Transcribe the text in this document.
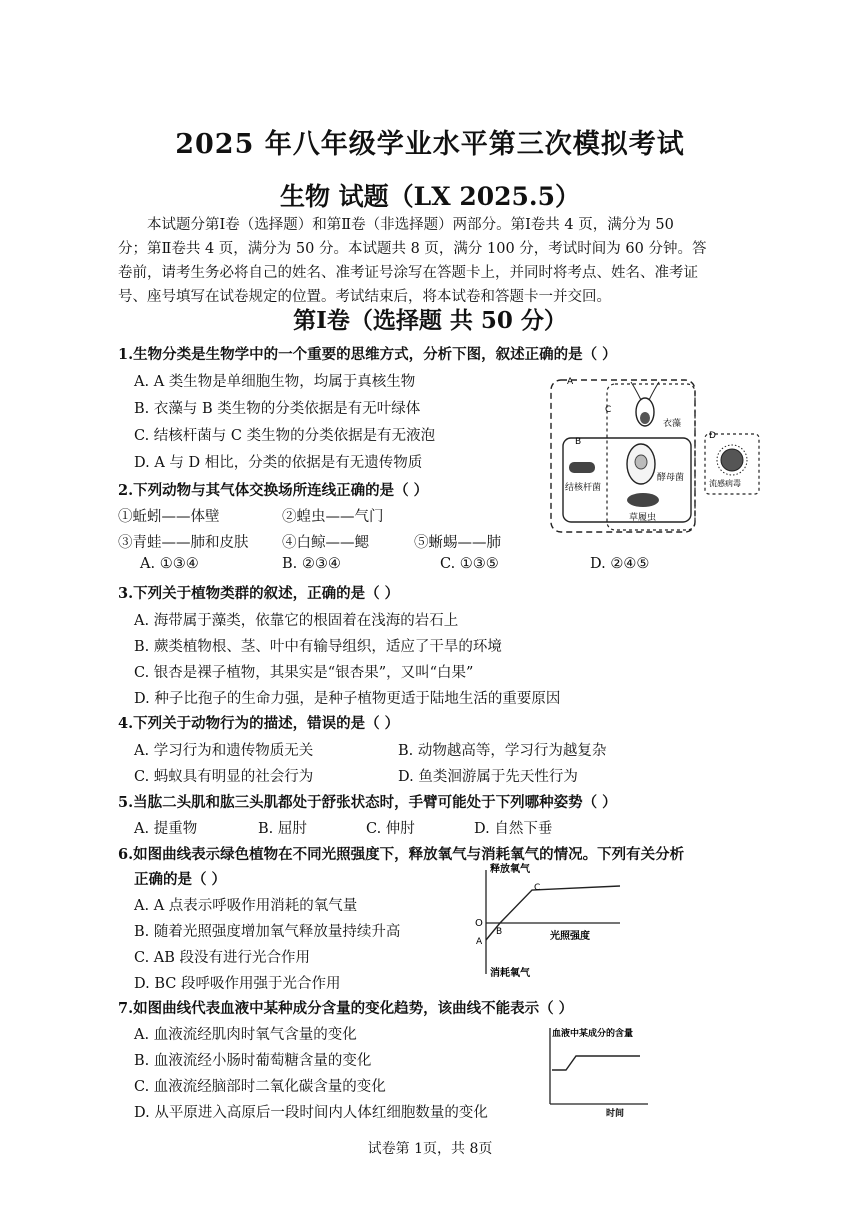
2025 年八年级学业水平第三次模拟考试
生物 试题（LX 2025.5）

本试题分第Ⅰ卷（选择题）和第Ⅱ卷（非选择题）两部分。第Ⅰ卷共 4 页，满分为 50

分；第Ⅱ卷共 4 页，满分为 50 分。本试题共 8 页，满分 100 分，考试时间为 60 分钟。答

卷前，请考生务必将自己的姓名、准考证号涂写在答题卡上，并同时将考点、姓名、准考证

号、座号填写在试卷规定的位置。考试结束后，将本试卷和答题卡一并交回。

第Ⅰ卷（选择题 共 50 分）
1.生物分类是生物学中的一个重要的思维方式，分析下图，叙述正确的是（ ）
A. A 类生物是单细胞生物，均属于真核生物
B. 衣藻与 B 类生物的分类依据是有无叶绿体
C. 结核杆菌与 C 类生物的分类依据是有无液泡
D. A 与 D 相比，分类的依据是有无遗传物质
A
C
B
D
衣藻
结核杆菌
酵母菌
草履虫
流感病毒
2.下列动物与其气体交换场所连线正确的是（ ）
①蚯蚓——体壁	②蝗虫——气门
③青蛙——肺和皮肤 ④白鲸——鳃	⑤蜥蜴——肺
A. ①③④	B. ②③④	C. ①③⑤	D. ②④⑤
3.下列关于植物类群的叙述，正确的是（ ）
A. 海带属于藻类，依靠它的根固着在浅海的岩石上
B. 蕨类植物根、茎、叶中有输导组织，适应了干旱的环境
C. 银杏是裸子植物，其果实是“银杏果”，又叫“白果”
D. 种子比孢子的生命力强，是种子植物更适于陆地生活的重要原因
4.下列关于动物行为的描述，错误的是（ ）
A. 学习行为和遗传物质无关	B. 动物越高等，学习行为越复杂
C. 蚂蚁具有明显的社会行为	D. 鱼类洄游属于先天性行为
5.当肱二头肌和肱三头肌都处于舒张状态时，手臂可能处于下列哪种姿势（ ）
A. 提重物	B. 屈肘	C. 伸肘	D. 自然下垂
6.如图曲线表示绿色植物在不同光照强度下，释放氧气与消耗氧气的情况。下列有关分析
正确的是（ ）
A. A 点表示呼吸作用消耗的氧气量
B. 随着光照强度增加氧气释放量持续升高
C. AB 段没有进行光合作用
D. BC 段呼吸作用强于光合作用
释放氧气
消耗氧气
光照强度
O
A
B
C
7.如图曲线代表血液中某种成分含量的变化趋势，该曲线不能表示（ ）
A. 血液流经肌肉时氧气含量的变化
B. 血液流经小肠时葡萄糖含量的变化
C. 血液流经脑部时二氧化碳含量的变化
D. 从平原进入高原后一段时间内人体红细胞数量的变化
血液中某成分的含量
时间
试卷第 1页，共 8页
